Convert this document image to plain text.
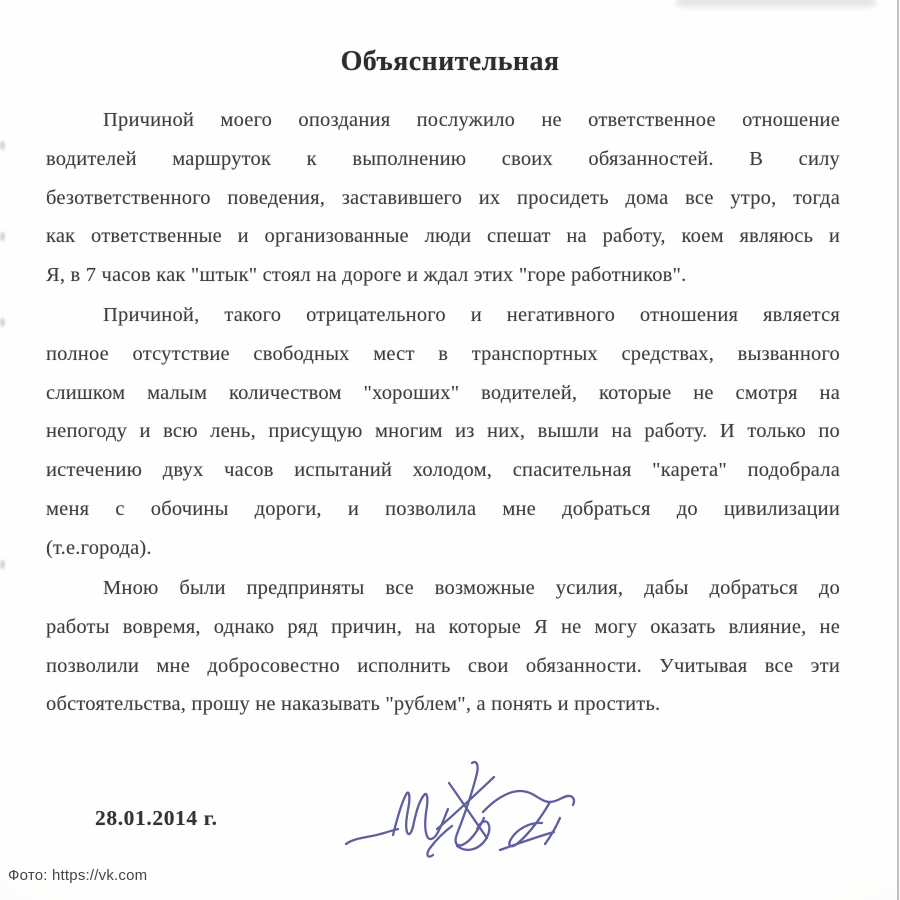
Объяснительная
Причиной моего опоздания послужило не ответственное отношение
водителей маршруток к выполнению своих обязанностей. В силу
безответственного поведения, заставившего их просидеть дома все утро, тогда
как ответственные и организованные люди спешат на работу, коем являюсь и
Я, в 7 часов как "штык" стоял на дороге и ждал этих "горе работников".
Причиной, такого отрицательного и негативного отношения является
полное отсутствие свободных мест в транспортных средствах, вызванного
слишком малым количеством "хороших" водителей, которые не смотря на
непогоду и всю лень, присущую многим из них, вышли на работу. И только по
истечению двух часов испытаний холодом, спасительная "карета" подобрала
меня с обочины дороги, и позволила мне добраться до цивилизации
(т.е.города).
Мною были предприняты все возможные усилия, дабы добраться до
работы вовремя, однако ряд причин, на которые Я не могу оказать влияние, не
позволили мне добросовестно исполнить свои обязанности. Учитывая все эти
обстоятельства, прошу не наказывать "рублем", а понять и простить.
28.01.2014 г.
Фото: https://vk.com
